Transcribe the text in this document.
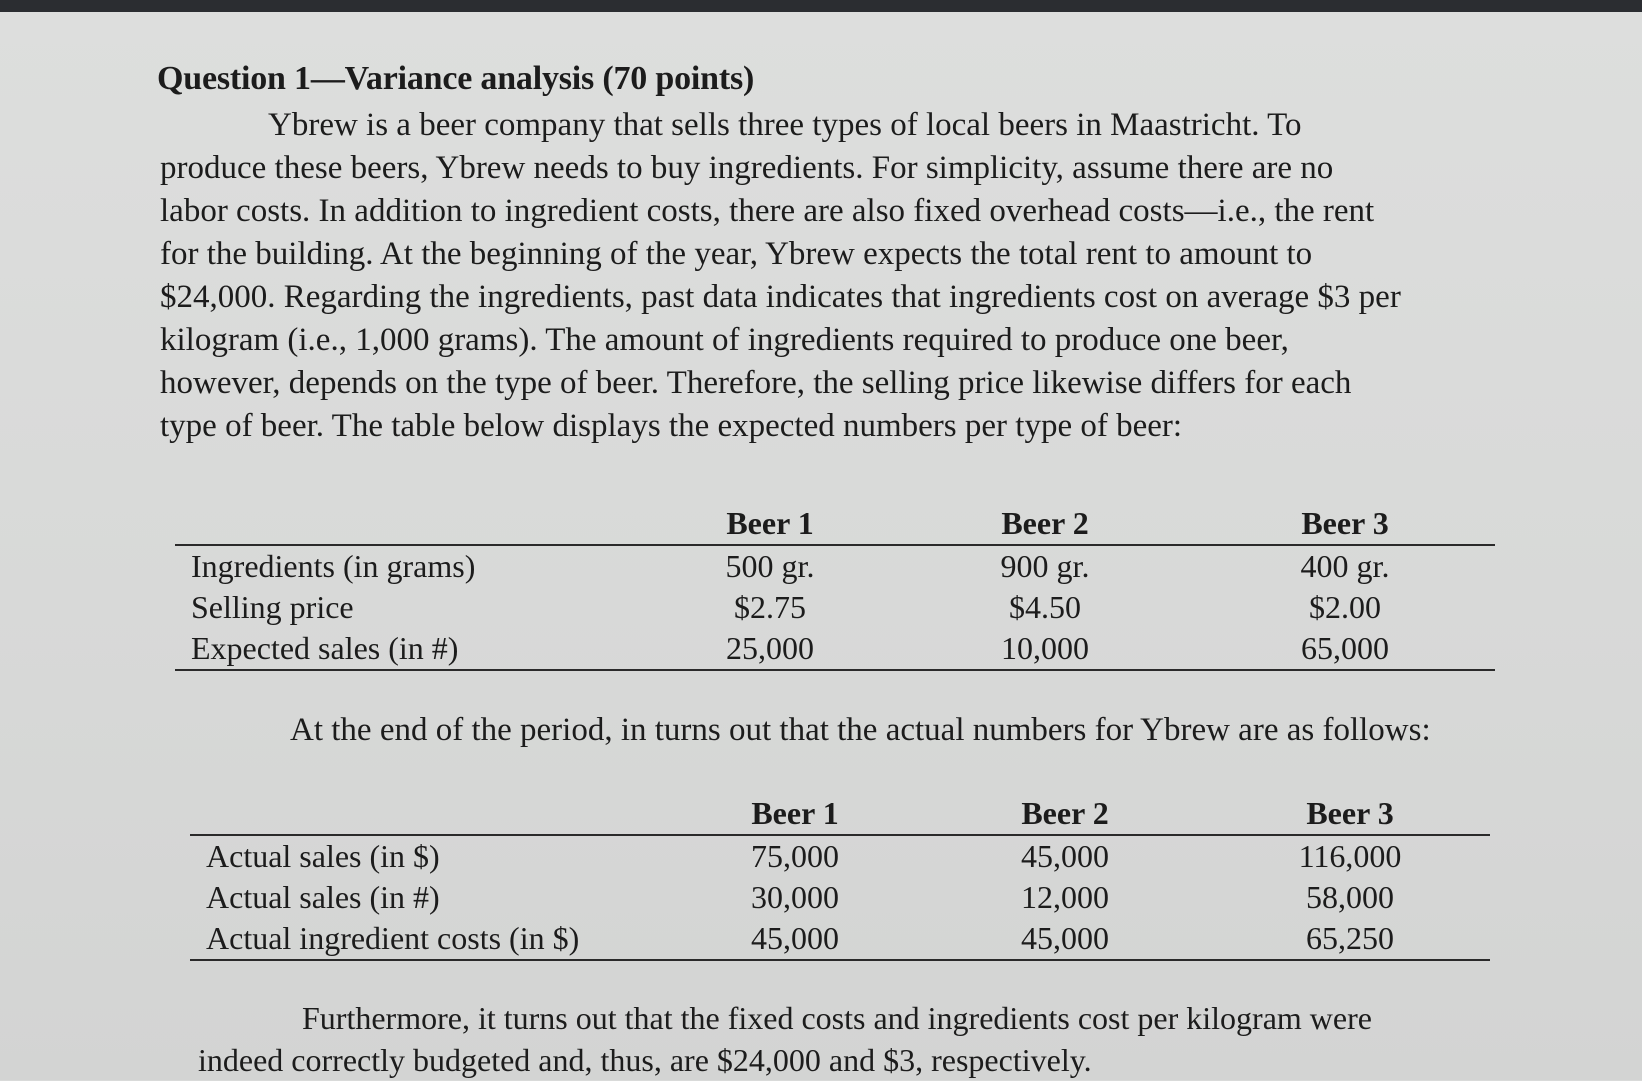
Question 1—Variance analysis (70 points)

Ybrew is a beer company that sells three types of local beers in Maastricht. To
produce these beers, Ybrew needs to buy ingredients. For simplicity, assume there are no
labor costs. In addition to ingredient costs, there are also fixed overhead costs—i.e., the rent
for the building. At the beginning of the year, Ybrew expects the total rent to amount to
$24,000. Regarding the ingredients, past data indicates that ingredients cost on average $3 per
kilogram (i.e., 1,000 grams). The amount of ingredients required to produce one beer,
however, depends on the type of beer. Therefore, the selling price likewise differs for each
type of beer. The table below displays the expected numbers per type of beer:

	Beer 1	Beer 2	Beer 3
Ingredients (in grams)	500 gr.	900 gr.	400 gr.
Selling price	$2.75	$4.50	$2.00
Expected sales (in #)	25,000	10,000	65,000
At the end of the period, in turns out that the actual numbers for Ybrew are as follows:
	Beer 1	Beer 2	Beer 3
Actual sales (in $)	75,000	45,000	116,000
Actual sales (in #)	30,000	12,000	58,000
Actual ingredient costs (in $)	45,000	45,000	65,250

Furthermore, it turns out that the fixed costs and ingredients cost per kilogram were
indeed correctly budgeted and, thus, are $24,000 and $3, respectively.
